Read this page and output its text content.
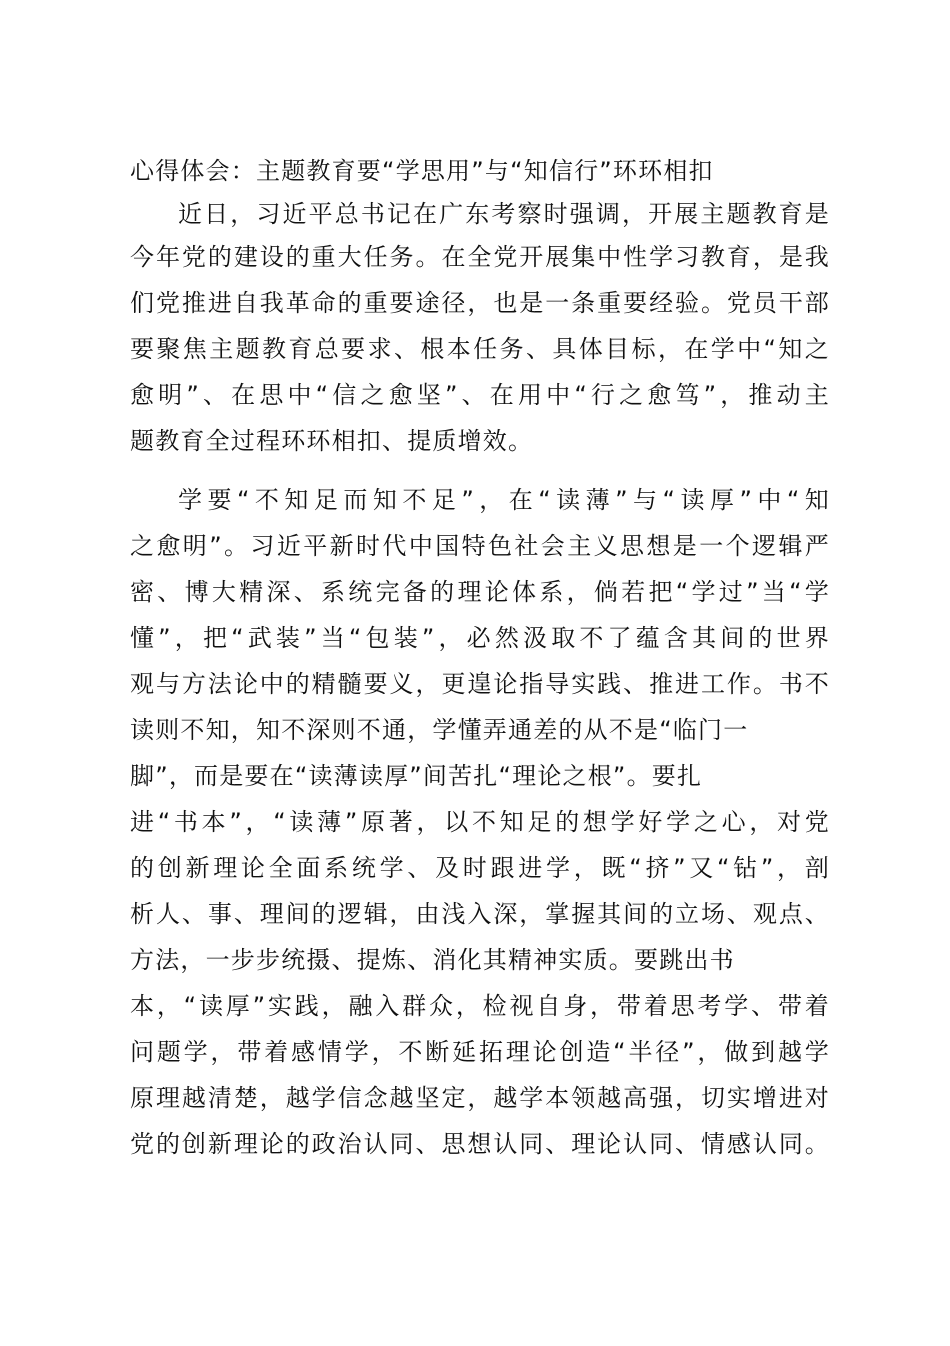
心得体会：主题教育要“学思用”与“知信行”环环相扣
近日，习近平总书记在广东考察时强调，开展主题教育是
今年党的建设的重大任务。在全党开展集中性学习教育，是我
们党推进自我革命的重要途径，也是一条重要经验。党员干部
要聚焦主题教育总要求、根本任务、具体目标，在学中“知之
愈明”、在思中“信之愈坚”、在用中“行之愈笃”，推动主
题教育全过程环环相扣、提质增效。
学要“不知足而知不足”，在“读薄”与“读厚”中“知
之愈明”。习近平新时代中国特色社会主义思想是一个逻辑严
密、博大精深、系统完备的理论体系，倘若把“学过”当“学
懂”，把“武装”当“包装”，必然汲取不了蕴含其间的世界
观与方法论中的精髓要义，更遑论指导实践、推进工作。书不
读则不知，知不深则不通，学懂弄通差的从不是“临门一
脚”，而是要在“读薄读厚”间苦扎“理论之根”。要扎
进“书本”，“读薄”原著，以不知足的想学好学之心，对党
的创新理论全面系统学、及时跟进学，既“挤”又“钻”，剖
析人、事、理间的逻辑，由浅入深，掌握其间的立场、观点、
方法，一步步统摄、提炼、消化其精神实质。要跳出书
本，“读厚”实践，融入群众，检视自身，带着思考学、带着
问题学，带着感情学，不断延拓理论创造“半径”，做到越学
原理越清楚，越学信念越坚定，越学本领越高强，切实增进对
党的创新理论的政治认同、思想认同、理论认同、情感认同。
